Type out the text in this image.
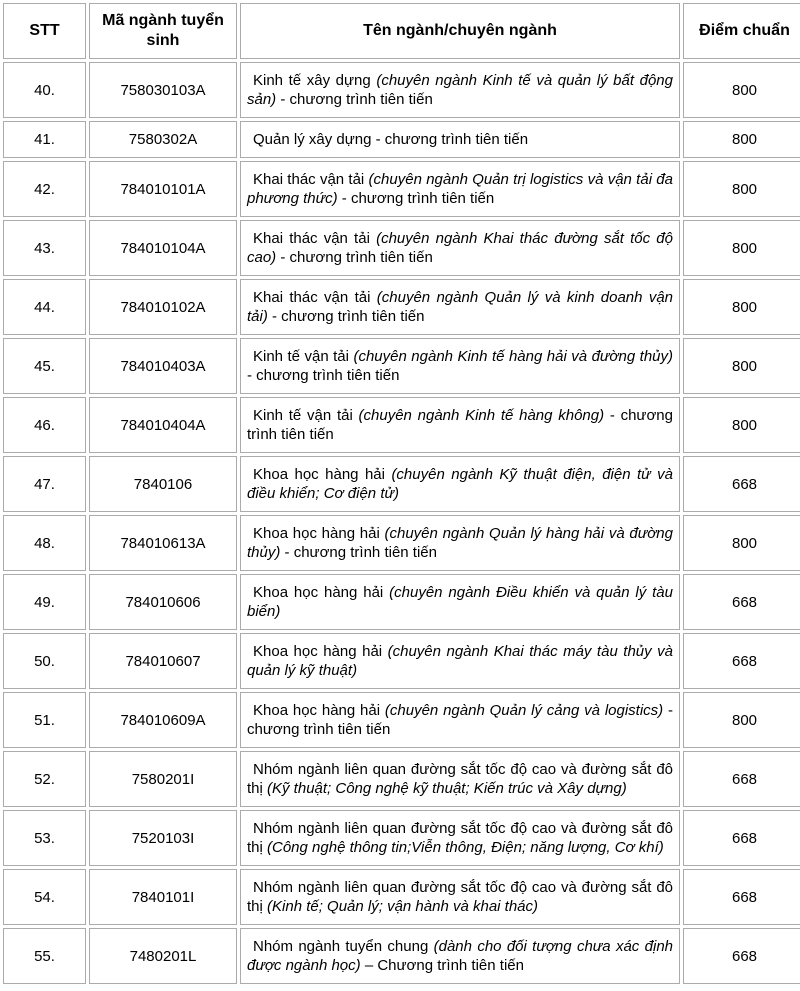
STT	Mã ngành tuyển sinh	Tên ngành/chuyên ngành	Điểm chuẩn
40.	758030103A	Kinh tế xây dựng (chuyên ngành Kinh tế và quản lý bất động sản) - chương trình tiên tiến	800
41.	7580302A	Quản lý xây dựng - chương trình tiên tiến	800
42.	784010101A	Khai thác vận tải (chuyên ngành Quản trị logistics và vận tải đa phương thức) - chương trình tiên tiến	800
43.	784010104A	Khai thác vận tải (chuyên ngành Khai thác đường sắt tốc độ cao) - chương trình tiên tiến	800
44.	784010102A	Khai thác vận tải (chuyên ngành Quản lý và kinh doanh vận tải) - chương trình tiên tiến	800
45.	784010403A	Kinh tế vận tải (chuyên ngành Kinh tế hàng hải và đường thủy) - chương trình tiên tiến	800
46.	784010404A	Kinh tế vận tải (chuyên ngành Kinh tế hàng không) - chương trình tiên tiến	800
47.	7840106	Khoa học hàng hải (chuyên ngành Kỹ thuật điện, điện tử và điều khiển; Cơ điện tử)	668
48.	784010613A	Khoa học hàng hải (chuyên ngành Quản lý hàng hải và đường thủy) - chương trình tiên tiến	800
49.	784010606	Khoa học hàng hải (chuyên ngành Điều khiển và quản lý tàu biển)	668
50.	784010607	Khoa học hàng hải (chuyên ngành Khai thác máy tàu thủy và quản lý kỹ thuật)	668
51.	784010609A	Khoa học hàng hải (chuyên ngành Quản lý cảng và logistics) - chương trình tiên tiến	800
52.	7580201I	Nhóm ngành liên quan đường sắt tốc độ cao và đường sắt đô thị (Kỹ thuật; Công nghệ kỹ thuật; Kiến trúc và Xây dựng)	668
53.	7520103I	Nhóm ngành liên quan đường sắt tốc độ cao và đường sắt đô thị (Công nghệ thông tin;Viễn thông, Điện; năng lượng, Cơ khí)	668
54.	7840101I	Nhóm ngành liên quan đường sắt tốc độ cao và đường sắt đô thị (Kinh tế; Quản lý; vận hành và khai thác)	668
55.	7480201L	Nhóm ngành tuyển chung (dành cho đối tượng chưa xác định được ngành học) – Chương trình tiên tiến	668
